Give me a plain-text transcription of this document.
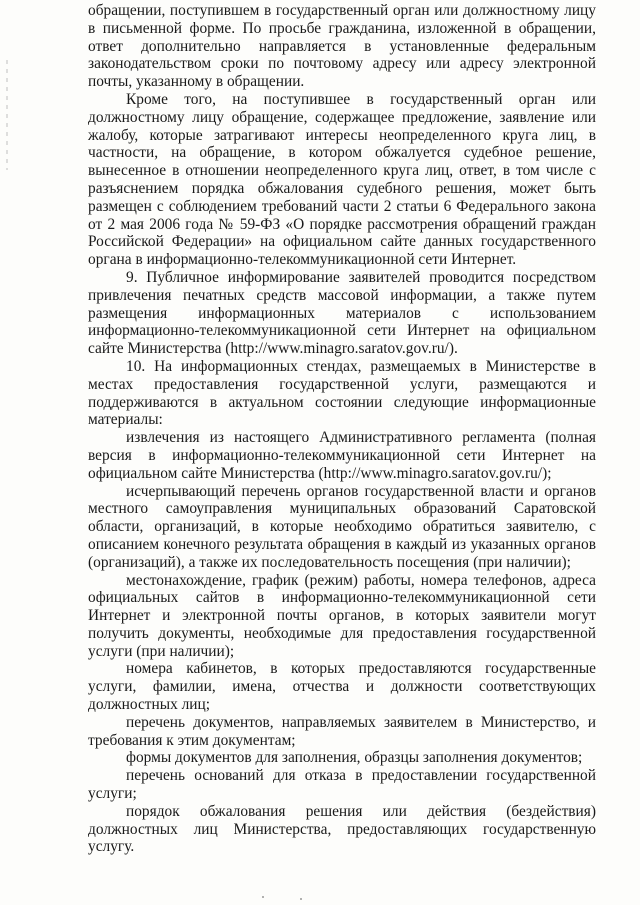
обращении, поступившем в государственный орган или должностному лицу в письменной форме. По просьбе гражданина, изложенной в обращении, ответ дополнительно направляется в установленные федеральным законодательством сроки по почтовому адресу или адресу электронной почты, указанному в обращении.

Кроме того, на поступившее в государственный орган или должностному лицу обращение, содержащее предложение, заявление или жалобу, которые затрагивают интересы неопределенного круга лиц, в частности, на обращение, в котором обжалуется судебное решение, вынесенное в отношении неопределенного круга лиц, ответ, в том числе с разъяснением порядка обжалования судебного решения, может быть размещен с соблюдением требований части 2 статьи 6 Федерального закона от 2 мая 2006 года № 59-ФЗ «О порядке рассмотрения обращений граждан Российской Федерации» на официальном сайте данных государственного органа в информационно-телекоммуникационной сети Интернет.

9. Публичное информирование заявителей проводится посредством привлечения печатных средств массовой информации, а также путем размещения информационных материалов с использованием информационно-телекоммуникационной сети Интернет на официальном сайте Министерства (http://www.minagro.saratov.gov.ru/).

10. На информационных стендах, размещаемых в Министерстве в местах предоставления государственной услуги, размещаются и поддерживаются в актуальном состоянии следующие информационные материалы:

извлечения из настоящего Административного регламента (полная версия в информационно-телекоммуникационной сети Интернет на официальном сайте Министерства (http://www.minagro.saratov.gov.ru/);

исчерпывающий перечень органов государственной власти и органов местного самоуправления муниципальных образований Саратовской области, организаций, в которые необходимо обратиться заявителю, с описанием конечного результата обращения в каждый из указанных органов (организаций), а также их последовательность посещения (при наличии);

местонахождение, график (режим) работы, номера телефонов, адреса официальных сайтов в информационно-телекоммуникационной сети Интернет и электронной почты органов, в которых заявители могут получить документы, необходимые для предоставления государственной услуги (при наличии);

номера кабинетов, в которых предоставляются государственные услуги, фамилии, имена, отчества и должности соответствующих должностных лиц;

перечень документов, направляемых заявителем в Министерство, и требования к этим документам;

формы документов для заполнения, образцы заполнения документов;

перечень оснований для отказа в предоставлении государственной услуги;

порядок обжалования решения или действия (бездействия) должностных лиц Министерства, предоставляющих государственную услугу.
